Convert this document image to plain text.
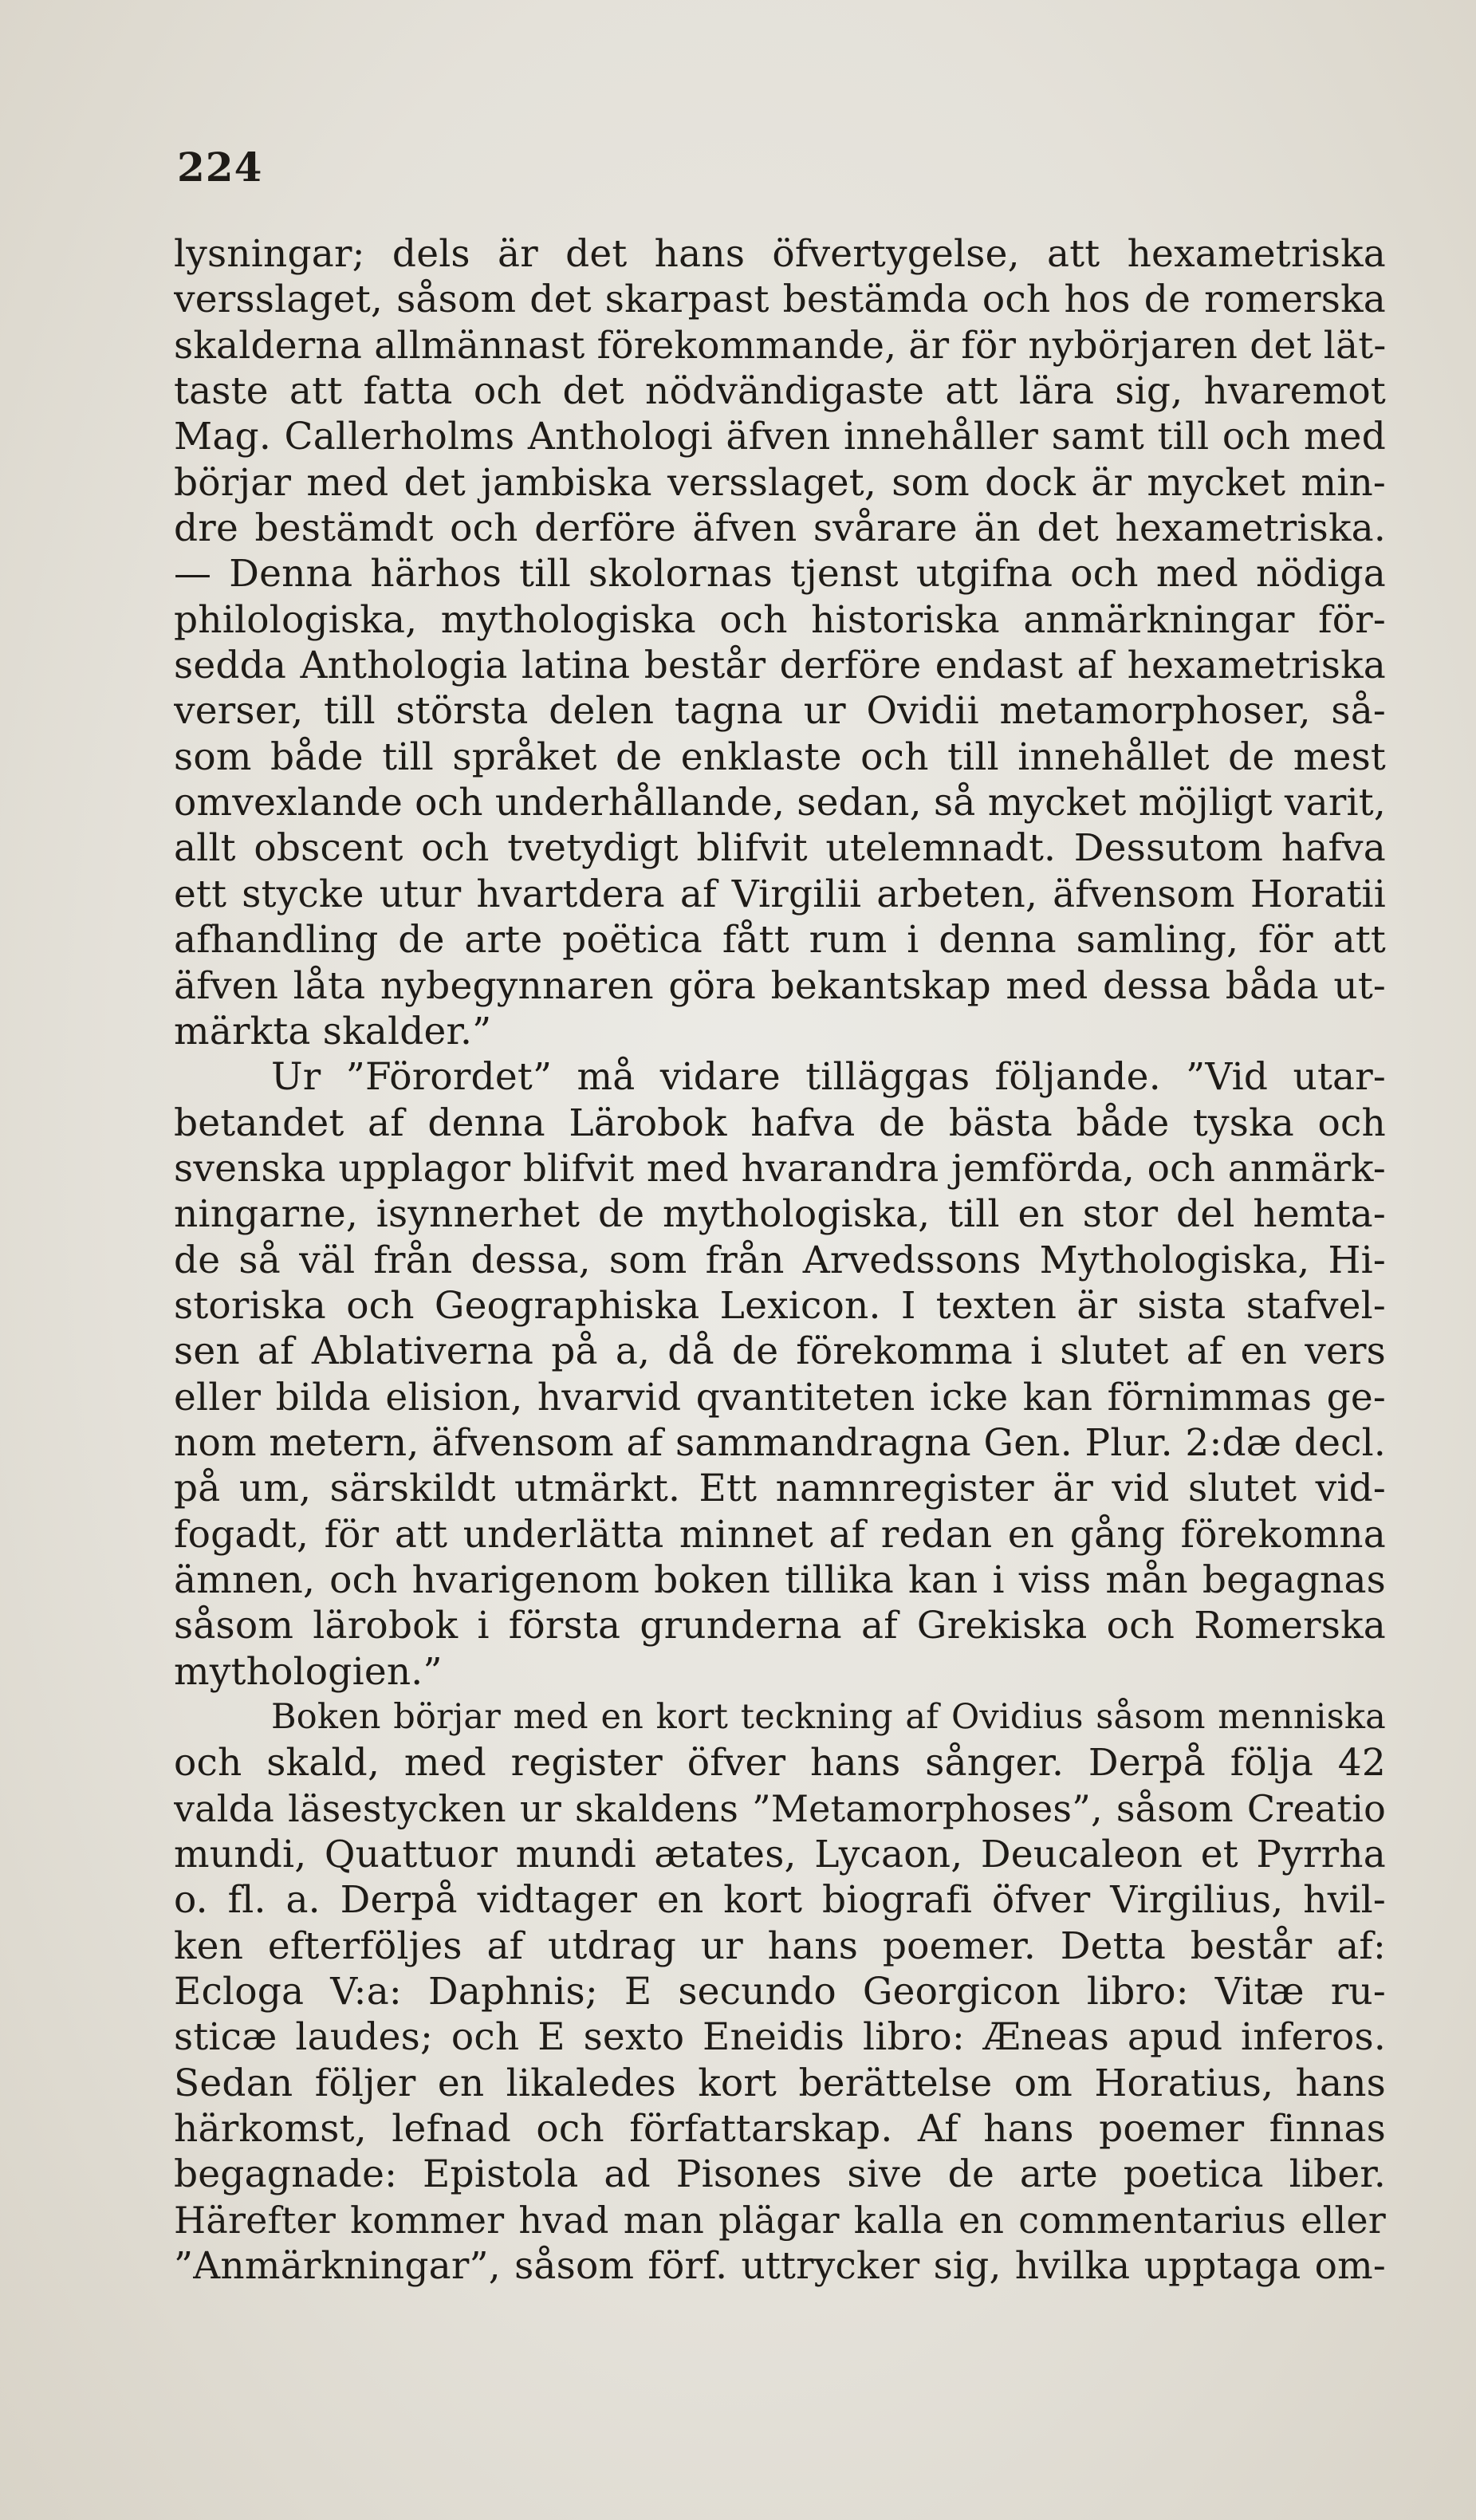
224
lysningar; dels är det hans öfvertygelse, att hexametriska
versslaget, såsom det skarpast bestämda och hos de romerska
skalderna allmännast förekommande, är för nybörjaren det lät-
taste att fatta och det nödvändigaste att lära sig, hvaremot
Mag. Callerholms Anthologi äfven innehåller samt till och med
börjar med det jambiska versslaget, som dock är mycket min-
dre bestämdt och derföre äfven svårare än det hexametriska.
— Denna härhos till skolornas tjenst utgifna och med nödiga
philologiska, mythologiska och historiska anmärkningar för-
sedda Anthologia latina består derföre endast af hexametriska
verser, till största delen tagna ur Ovidii metamorphoser, så-
som både till språket de enklaste och till innehållet de mest
omvexlande och underhållande, sedan, så mycket möjligt varit,
allt obscent och tvetydigt blifvit utelemnadt. Dessutom hafva
ett stycke utur hvartdera af Virgilii arbeten, äfvensom Horatii
afhandling de arte poëtica fått rum i denna samling, för att
äfven låta nybegynnaren göra bekantskap med dessa båda ut-
märkta skalder.”
Ur ”Förordet” må vidare tilläggas följande. ”Vid utar-
betandet af denna Lärobok hafva de bästa både tyska och
svenska upplagor blifvit med hvarandra jemförda, och anmärk-
ningarne, isynnerhet de mythologiska, till en stor del hemta-
de så väl från dessa, som från Arvedssons Mythologiska, Hi-
storiska och Geographiska Lexicon. I texten är sista stafvel-
sen af Ablativerna på a, då de förekomma i slutet af en vers
eller bilda elision, hvarvid qvantiteten icke kan förnimmas ge-
nom metern, äfvensom af sammandragna Gen. Plur. 2:dæ decl.
på um, särskildt utmärkt. Ett namnregister är vid slutet vid-
fogadt, för att underlätta minnet af redan en gång förekomna
ämnen, och hvarigenom boken tillika kan i viss mån begagnas
såsom lärobok i första grunderna af Grekiska och Romerska
mythologien.”
Boken börjar med en kort teckning af Ovidius såsom menniska
och skald, med register öfver hans sånger. Derpå följa 42
valda läsestycken ur skaldens ”Metamorphoses”, såsom Creatio
mundi, Quattuor mundi ætates, Lycaon, Deucaleon et Pyrrha
o. fl. a. Derpå vidtager en kort biografi öfver Virgilius, hvil-
ken efterföljes af utdrag ur hans poemer. Detta består af:
Ecloga V:a: Daphnis; E secundo Georgicon libro: Vitæ ru-
sticæ laudes; och E sexto Eneidis libro: Æneas apud inferos.
Sedan följer en likaledes kort berättelse om Horatius, hans
härkomst, lefnad och författarskap. Af hans poemer finnas
begagnade: Epistola ad Pisones sive de arte poetica liber.
Härefter kommer hvad man plägar kalla en commentarius eller
”Anmärkningar”, såsom förf. uttrycker sig, hvilka upptaga om-
